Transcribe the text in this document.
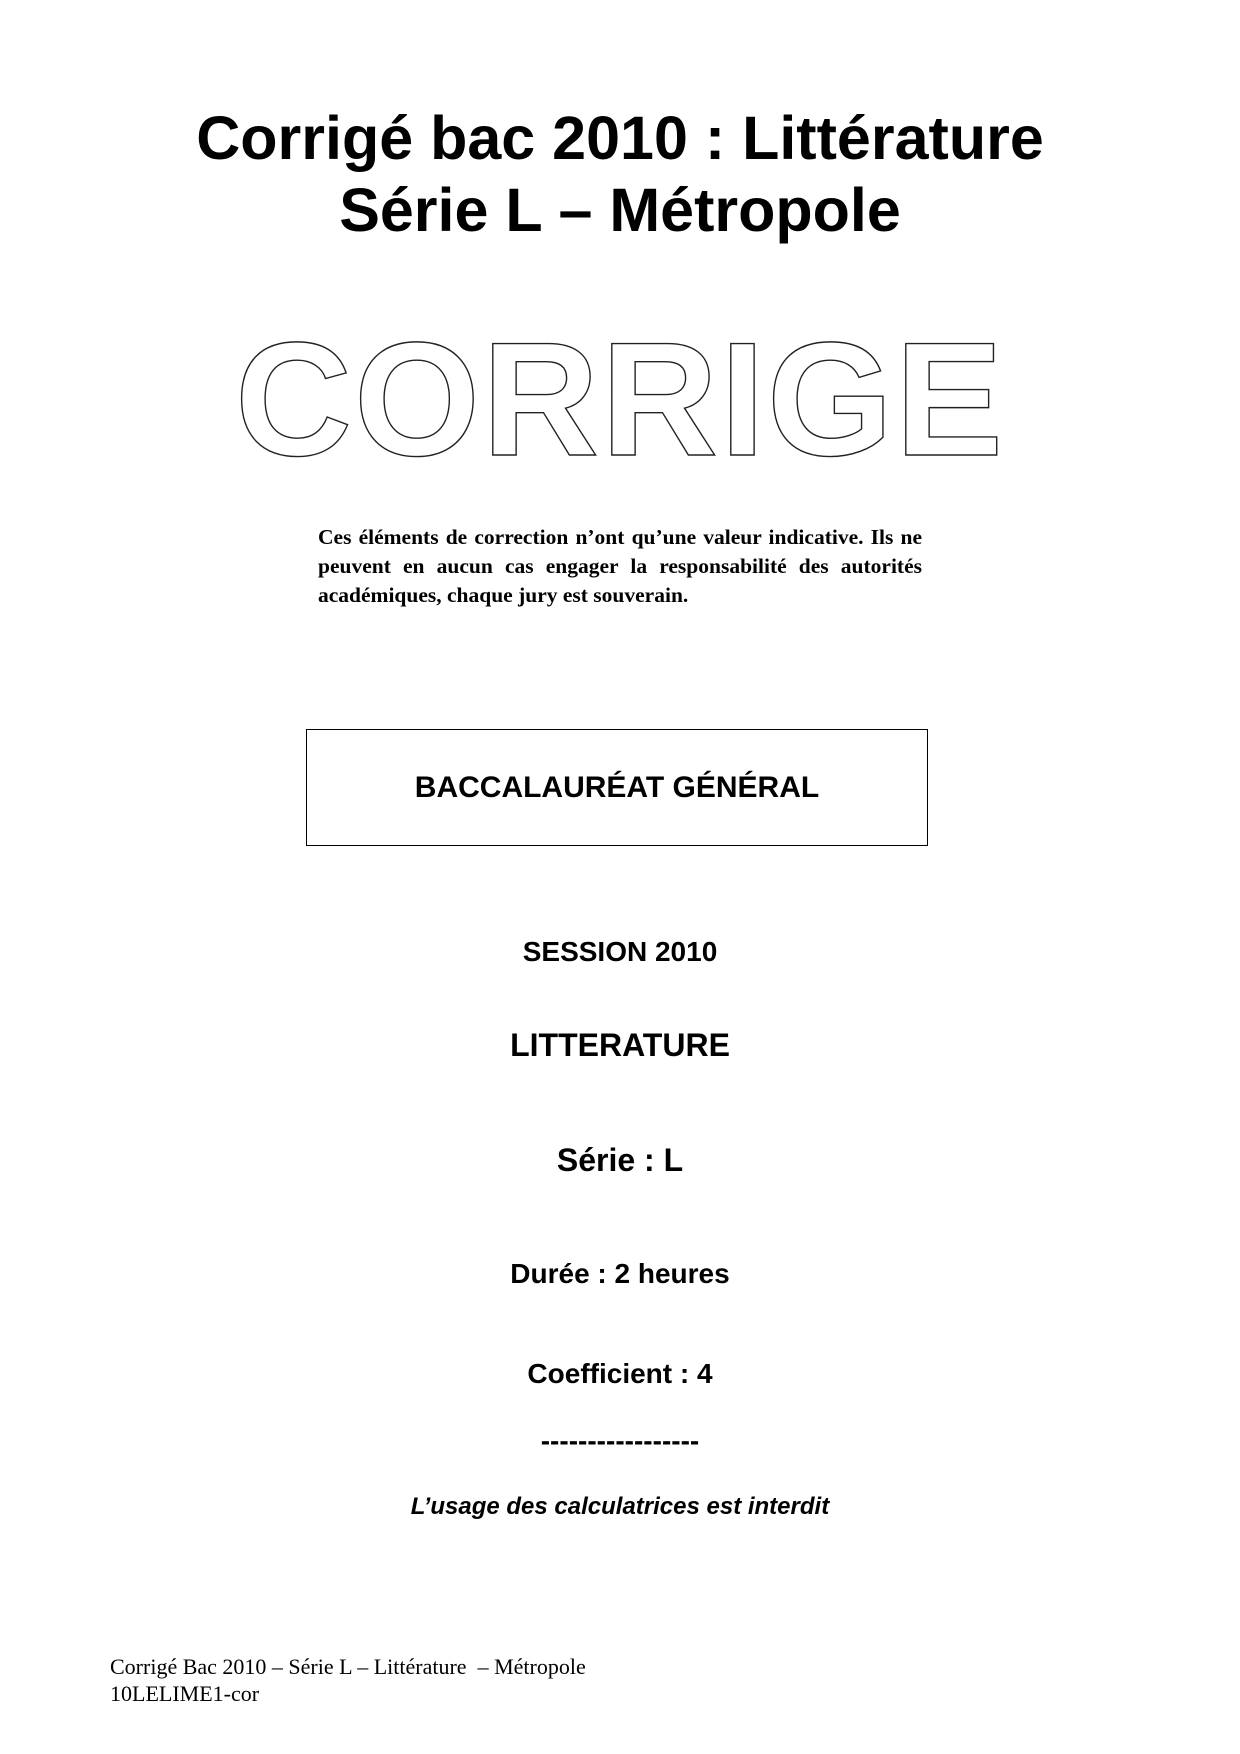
Corrigé bac 2010 : Littérature
Série L – Métropole
CORRIGE

Ces éléments de correction n’ont qu’une valeur indicative. Ils ne peuvent en aucun cas engager la responsabilité des autorités académiques, chaque jury est souverain.

BACCALAURÉAT GÉNÉRAL

SESSION 2010

LITTERATURE

Série : L

Durée : 2 heures

Coefficient : 4

-----------------

L’usage des calculatrices est interdit

Corrigé Bac 2010 – Série L – Littérature  – Métropole
10LELIME1-cor
